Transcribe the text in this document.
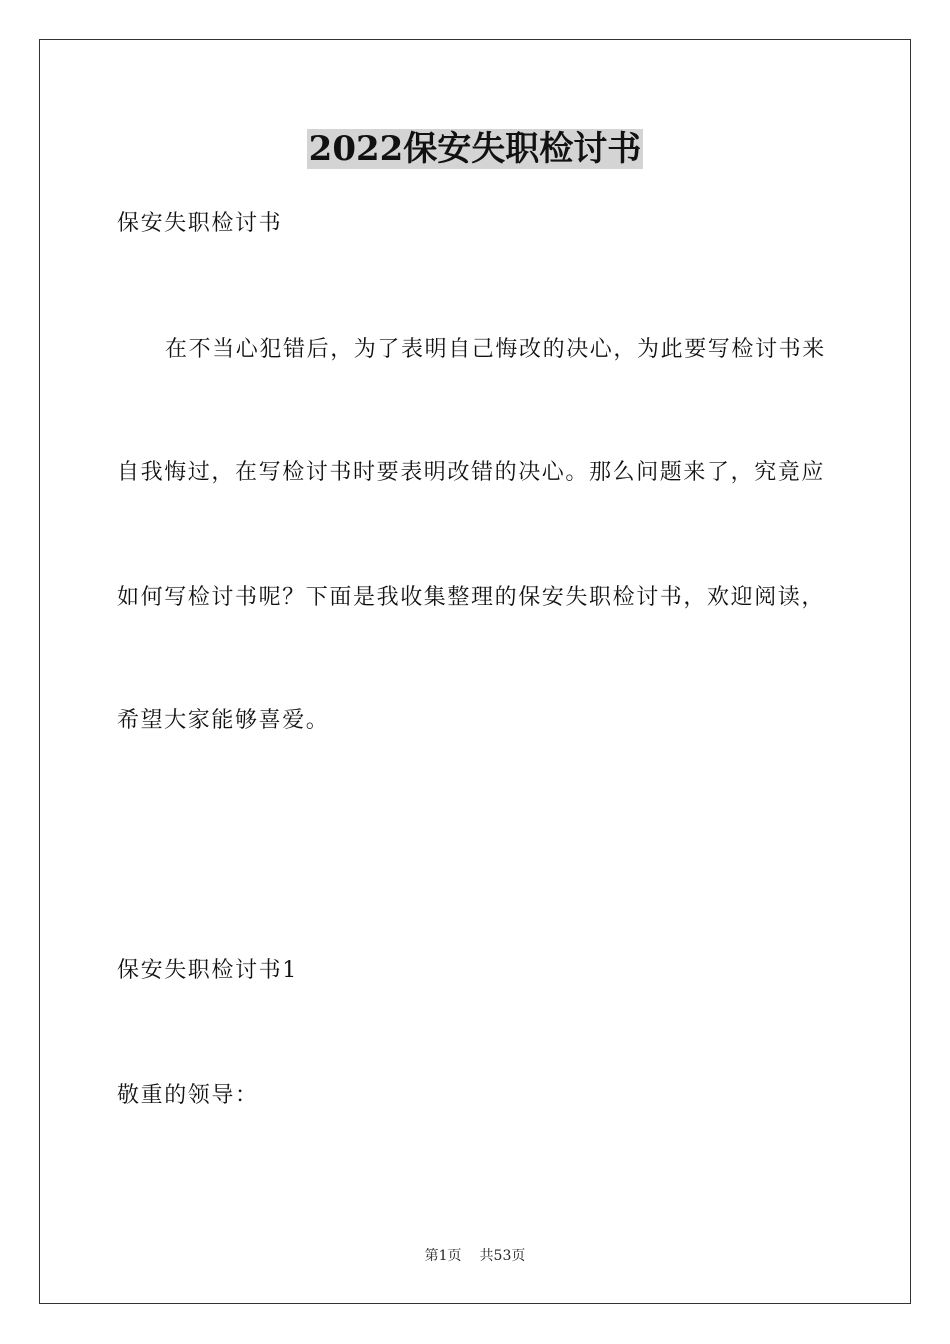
2022保安失职检讨书
保安失职检讨书
在不当心犯错后，为了表明自己悔改的决心，为此要写检讨书来
自我悔过，在写检讨书时要表明改错的决心。那么问题来了，究竟应
如何写检讨书呢？下面是我收集整理的保安失职检讨书，欢迎阅读，
希望大家能够喜爱。
保安失职检讨书1
敬重的领导：
第1页 共53页
